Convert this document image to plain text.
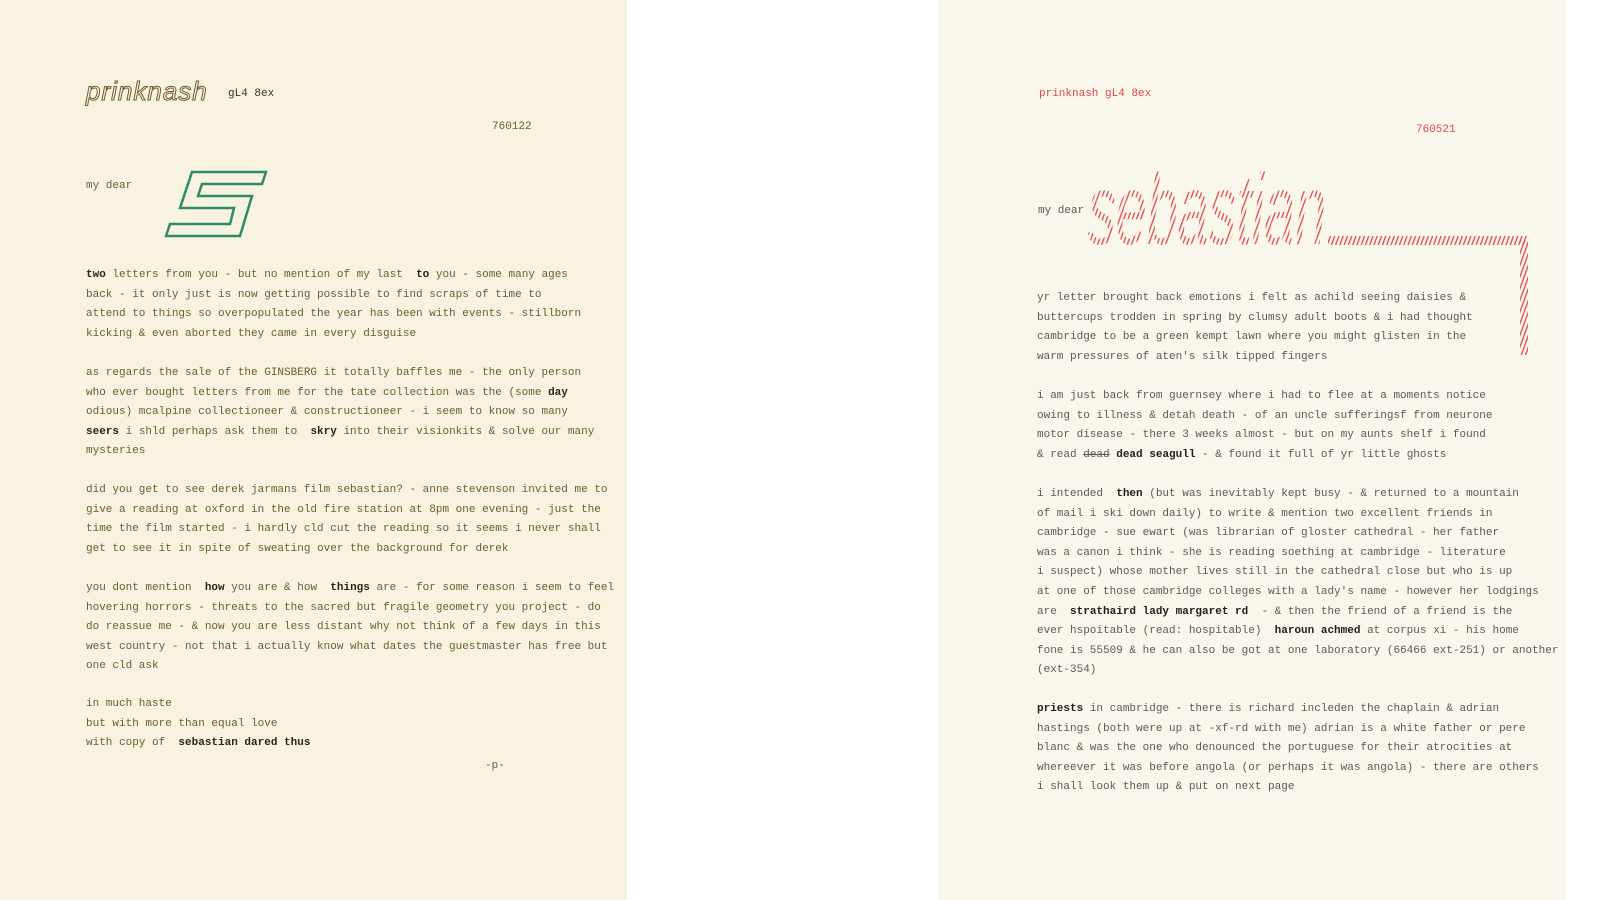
prinknash gL4 8ex
760122
my dear
two letters from you - but no mention of my last  to you - some many ages
back - it only just is now getting possible to find scraps of time to
attend to things so overpopulated the year has been with events - stillborn
kicking & even aborted they came in every disguise
as regards the sale of the GINSBERG it totally baffles me - the only person
who ever bought letters from me for the tate collection was the (some day
odious) mcalpine collectioneer & constructioneer - i seem to know so many
seers i shld perhaps ask them to  skry into their visionkits & solve our many
mysteries
did you get to see derek jarmans film sebastian? - anne stevenson invited me to
give a reading at oxford in the old fire station at 8pm one evening - just the
time the film started - i hardly cld cut the reading so it seems i never shall
get to see it in spite of sweating over the background for derek
you dont mention  how you are & how  things are - for some reason i seem to feel
hovering horrors - threats to the sacred but fragile geometry you project - do
do reassue me - & now you are less distant why not think of a few days in this
west country - not that i actually know what dates the guestmaster has free but
one cld ask
in much haste
but with more than equal love
with copy of  sebastian dared thus
-p-
prinknash gL4 8ex
760521
my dear sebastian
yr letter brought back emotions i felt as achild seeing daisies &
buttercups trodden in spring by clumsy adult boots & i had thought
cambridge to be a green kempt lawn where you might glisten in the
warm pressures of aten's silk tipped fingers
i am just back from guernsey where i had to flee at a moments notice
owing to illness & detah death - of an uncle sufferingsf from neurone
motor disease - there 3 weeks almost - but on my aunts shelf i found
& read dead dead seagull - & found it full of yr little ghosts
i intended  then (but was inevitably kept busy - & returned to a mountain
of mail i ski down daily) to write & mention two excellent friends in
cambridge - sue ewart (was librarian of gloster cathedral - her father
was a canon i think - she is reading soething at cambridge - literature
i suspect) whose mother lives still in the cathedral close but who is up
at one of those cambridge colleges with a lady's name - however her lodgings
are  strathaird lady margaret rd  - & then the friend of a friend is the
ever hspoitable (read: hospitable)  haroun achmed at corpus xi - his home
fone is 55509 & he can also be got at one laboratory (66466 ext-251) or another
(ext-354)
priests in cambridge - there is richard incleden the chaplain & adrian
hastings (both were up at -xf-rd with me) adrian is a white father or pere
blanc & was the one who denounced the portuguese for their atrocities at
whereever it was before angola (or perhaps it was angola) - there are others
i shall look them up & put on next page
